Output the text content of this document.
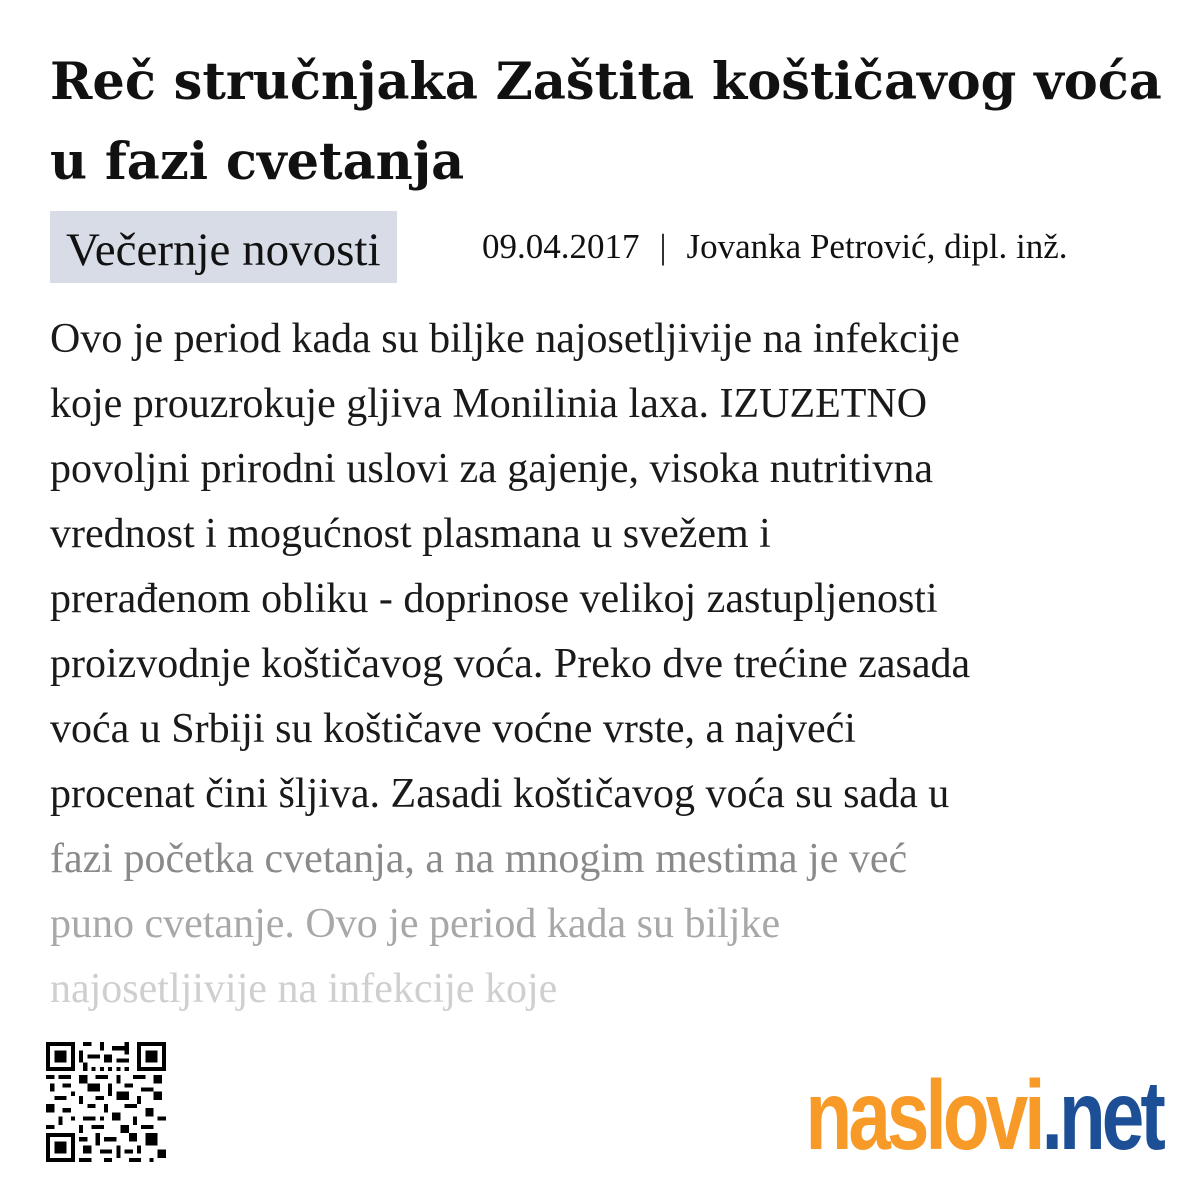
Reč stručnjaka Zaštita koštičavog voća u fazi cvetanja
Večernje novosti	09.04.2017 | Jovanka Petrović, dipl. inž.

Ovo je period kada su biljke najosetljivije na infekcije
koje prouzrokuje gljiva Monilinia laxa. IZUZETNO
povoljni prirodni uslovi za gajenje, visoka nutritivna
vrednost i mogućnost plasmana u svežem i
prerađenom obliku - doprinose velikoj zastupljenosti
proizvodnje koštičavog voća. Preko dve trećine zasada
voća u Srbiji su koštičave voćne vrste, a najveći
procenat čini šljiva. Zasadi koštičavog voća su sada u
fazi početka cvetanja, a na mnogim mestima je već
puno cvetanje. Ovo je period kada su biljke
najosetljivije na infekcije koje

naslovi.net
